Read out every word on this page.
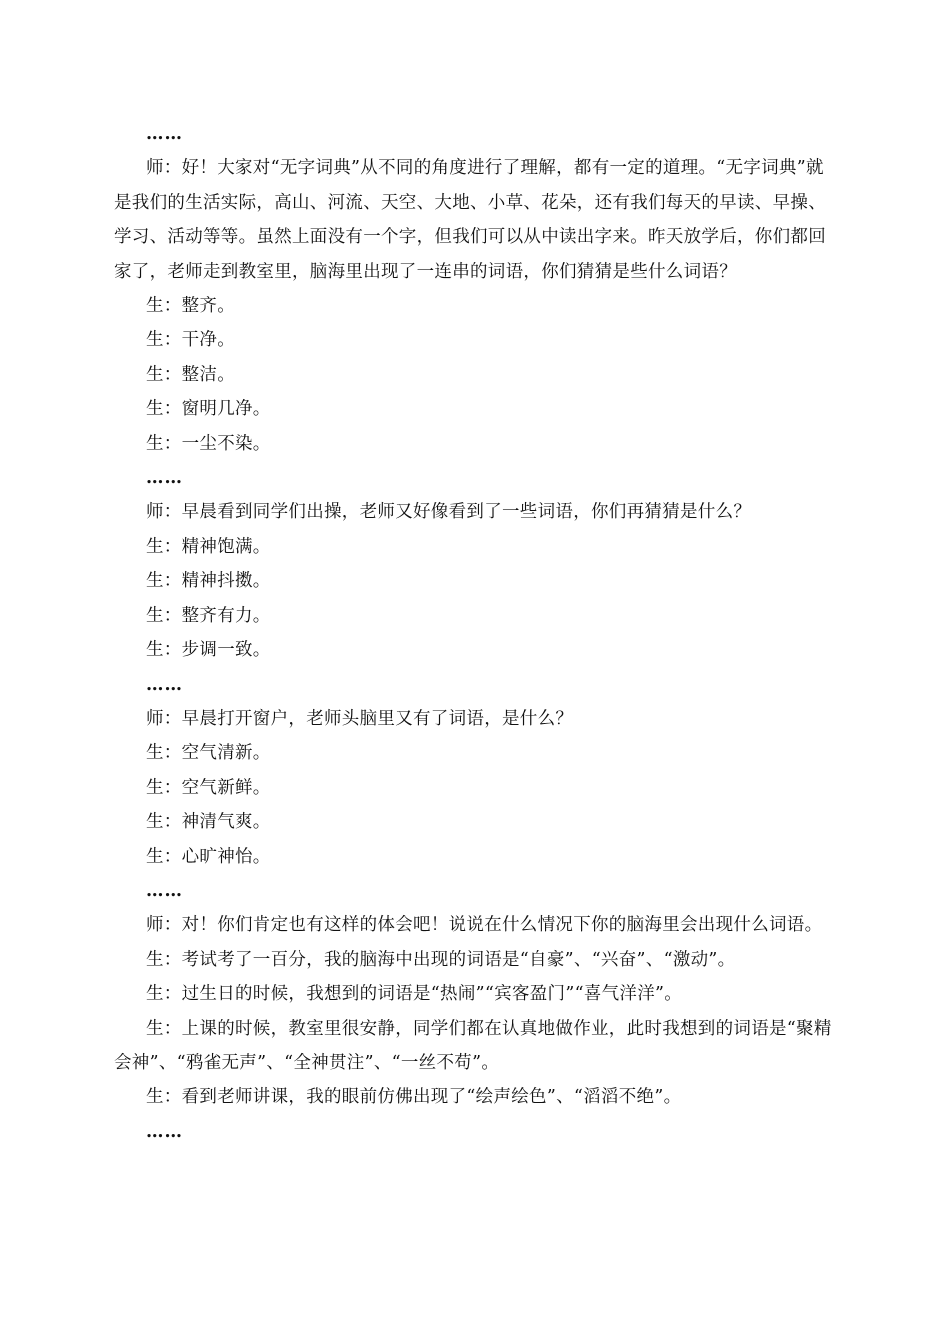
……

师：好！大家对“无字词典”从不同的角度进行了理解，都有一定的道理。“无字词典”就是我们的生活实际，高山、河流、天空、大地、小草、花朵，还有我们每天的早读、早操、学习、活动等等。虽然上面没有一个字，但我们可以从中读出字来。昨天放学后，你们都回家了，老师走到教室里，脑海里出现了一连串的词语，你们猜猜是些什么词语？

生：整齐。

生：干净。

生：整洁。

生：窗明几净。

生：一尘不染。

……

师：早晨看到同学们出操，老师又好像看到了一些词语，你们再猜猜是什么？

生：精神饱满。

生：精神抖擞。

生：整齐有力。

生：步调一致。

……

师：早晨打开窗户，老师头脑里又有了词语，是什么？

生：空气清新。

生：空气新鲜。

生：神清气爽。

生：心旷神怡。

……

师：对！你们肯定也有这样的体会吧！说说在什么情况下你的脑海里会出现什么词语。

生：考试考了一百分，我的脑海中出现的词语是“自豪”、“兴奋”、“激动”。

生：过生日的时候，我想到的词语是“热闹”“宾客盈门”“喜气洋洋”。

生：上课的时候，教室里很安静，同学们都在认真地做作业，此时我想到的词语是“聚精会神”、“鸦雀无声”、“全神贯注”、“一丝不苟”。

生：看到老师讲课，我的眼前仿佛出现了“绘声绘色”、“滔滔不绝”。

……
